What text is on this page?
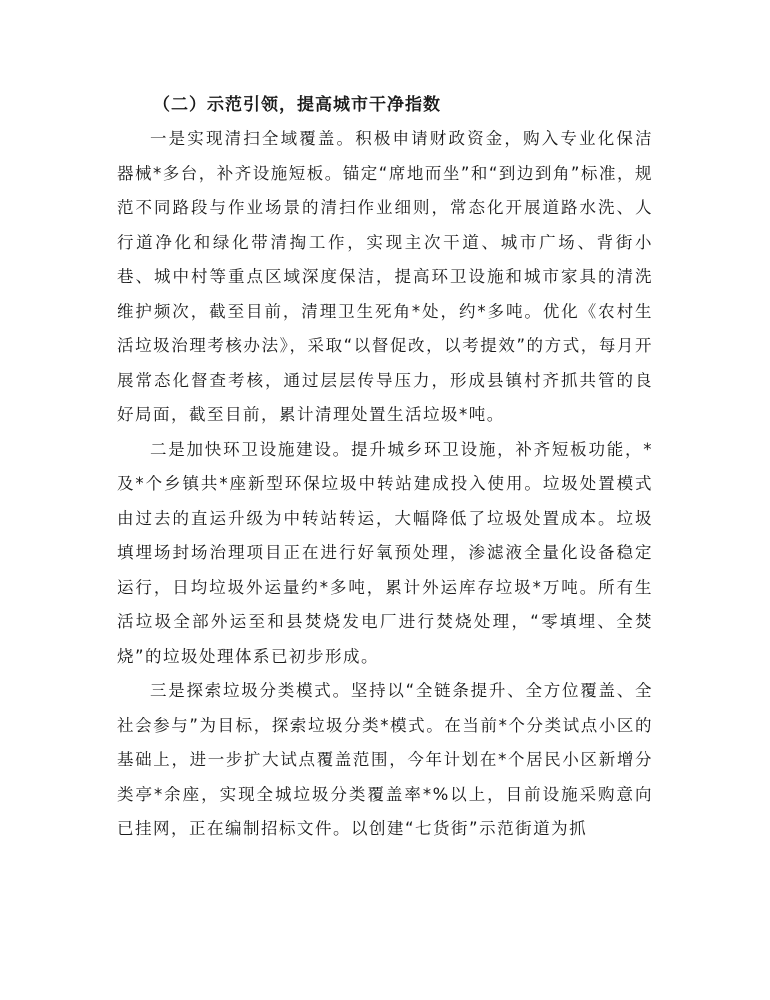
（二）示范引领，提高城市干净指数

一是实现清扫全域覆盖。积极申请财政资金，购入专业化保洁器械*多台，补齐设施短板。锚定“席地而坐”和“到边到角”标准，规范不同路段与作业场景的清扫作业细则，常态化开展道路水洗、人行道净化和绿化带清掏工作，实现主次干道、城市广场、背街小巷、城中村等重点区域深度保洁，提高环卫设施和城市家具的清洗维护频次，截至目前，清理卫生死角*处，约*多吨。优化《农村生活垃圾治理考核办法》，采取“以督促改，以考提效”的方式，每月开展常态化督查考核，通过层层传导压力，形成县镇村齐抓共管的良好局面，截至目前，累计清理处置生活垃圾*吨。

二是加快环卫设施建设。提升城乡环卫设施，补齐短板功能，*及*个乡镇共*座新型环保垃圾中转站建成投入使用。垃圾处置模式由过去的直运升级为中转站转运，大幅降低了垃圾处置成本。垃圾填埋场封场治理项目正在进行好氧预处理，渗滤液全量化设备稳定运行，日均垃圾外运量约*多吨，累计外运库存垃圾*万吨。所有生活垃圾全部外运至和县焚烧发电厂进行焚烧处理，“零填埋、全焚烧”的垃圾处理体系已初步形成。

三是探索垃圾分类模式。坚持以“全链条提升、全方位覆盖、全社会参与”为目标，探索垃圾分类*模式。在当前*个分类试点小区的基础上，进一步扩大试点覆盖范围，今年计划在*个居民小区新增分类亭*余座，实现全城垃圾分类覆盖率*%以上，目前设施采购意向已挂网，正在编制招标文件。以创建“七货街”示范街道为抓
